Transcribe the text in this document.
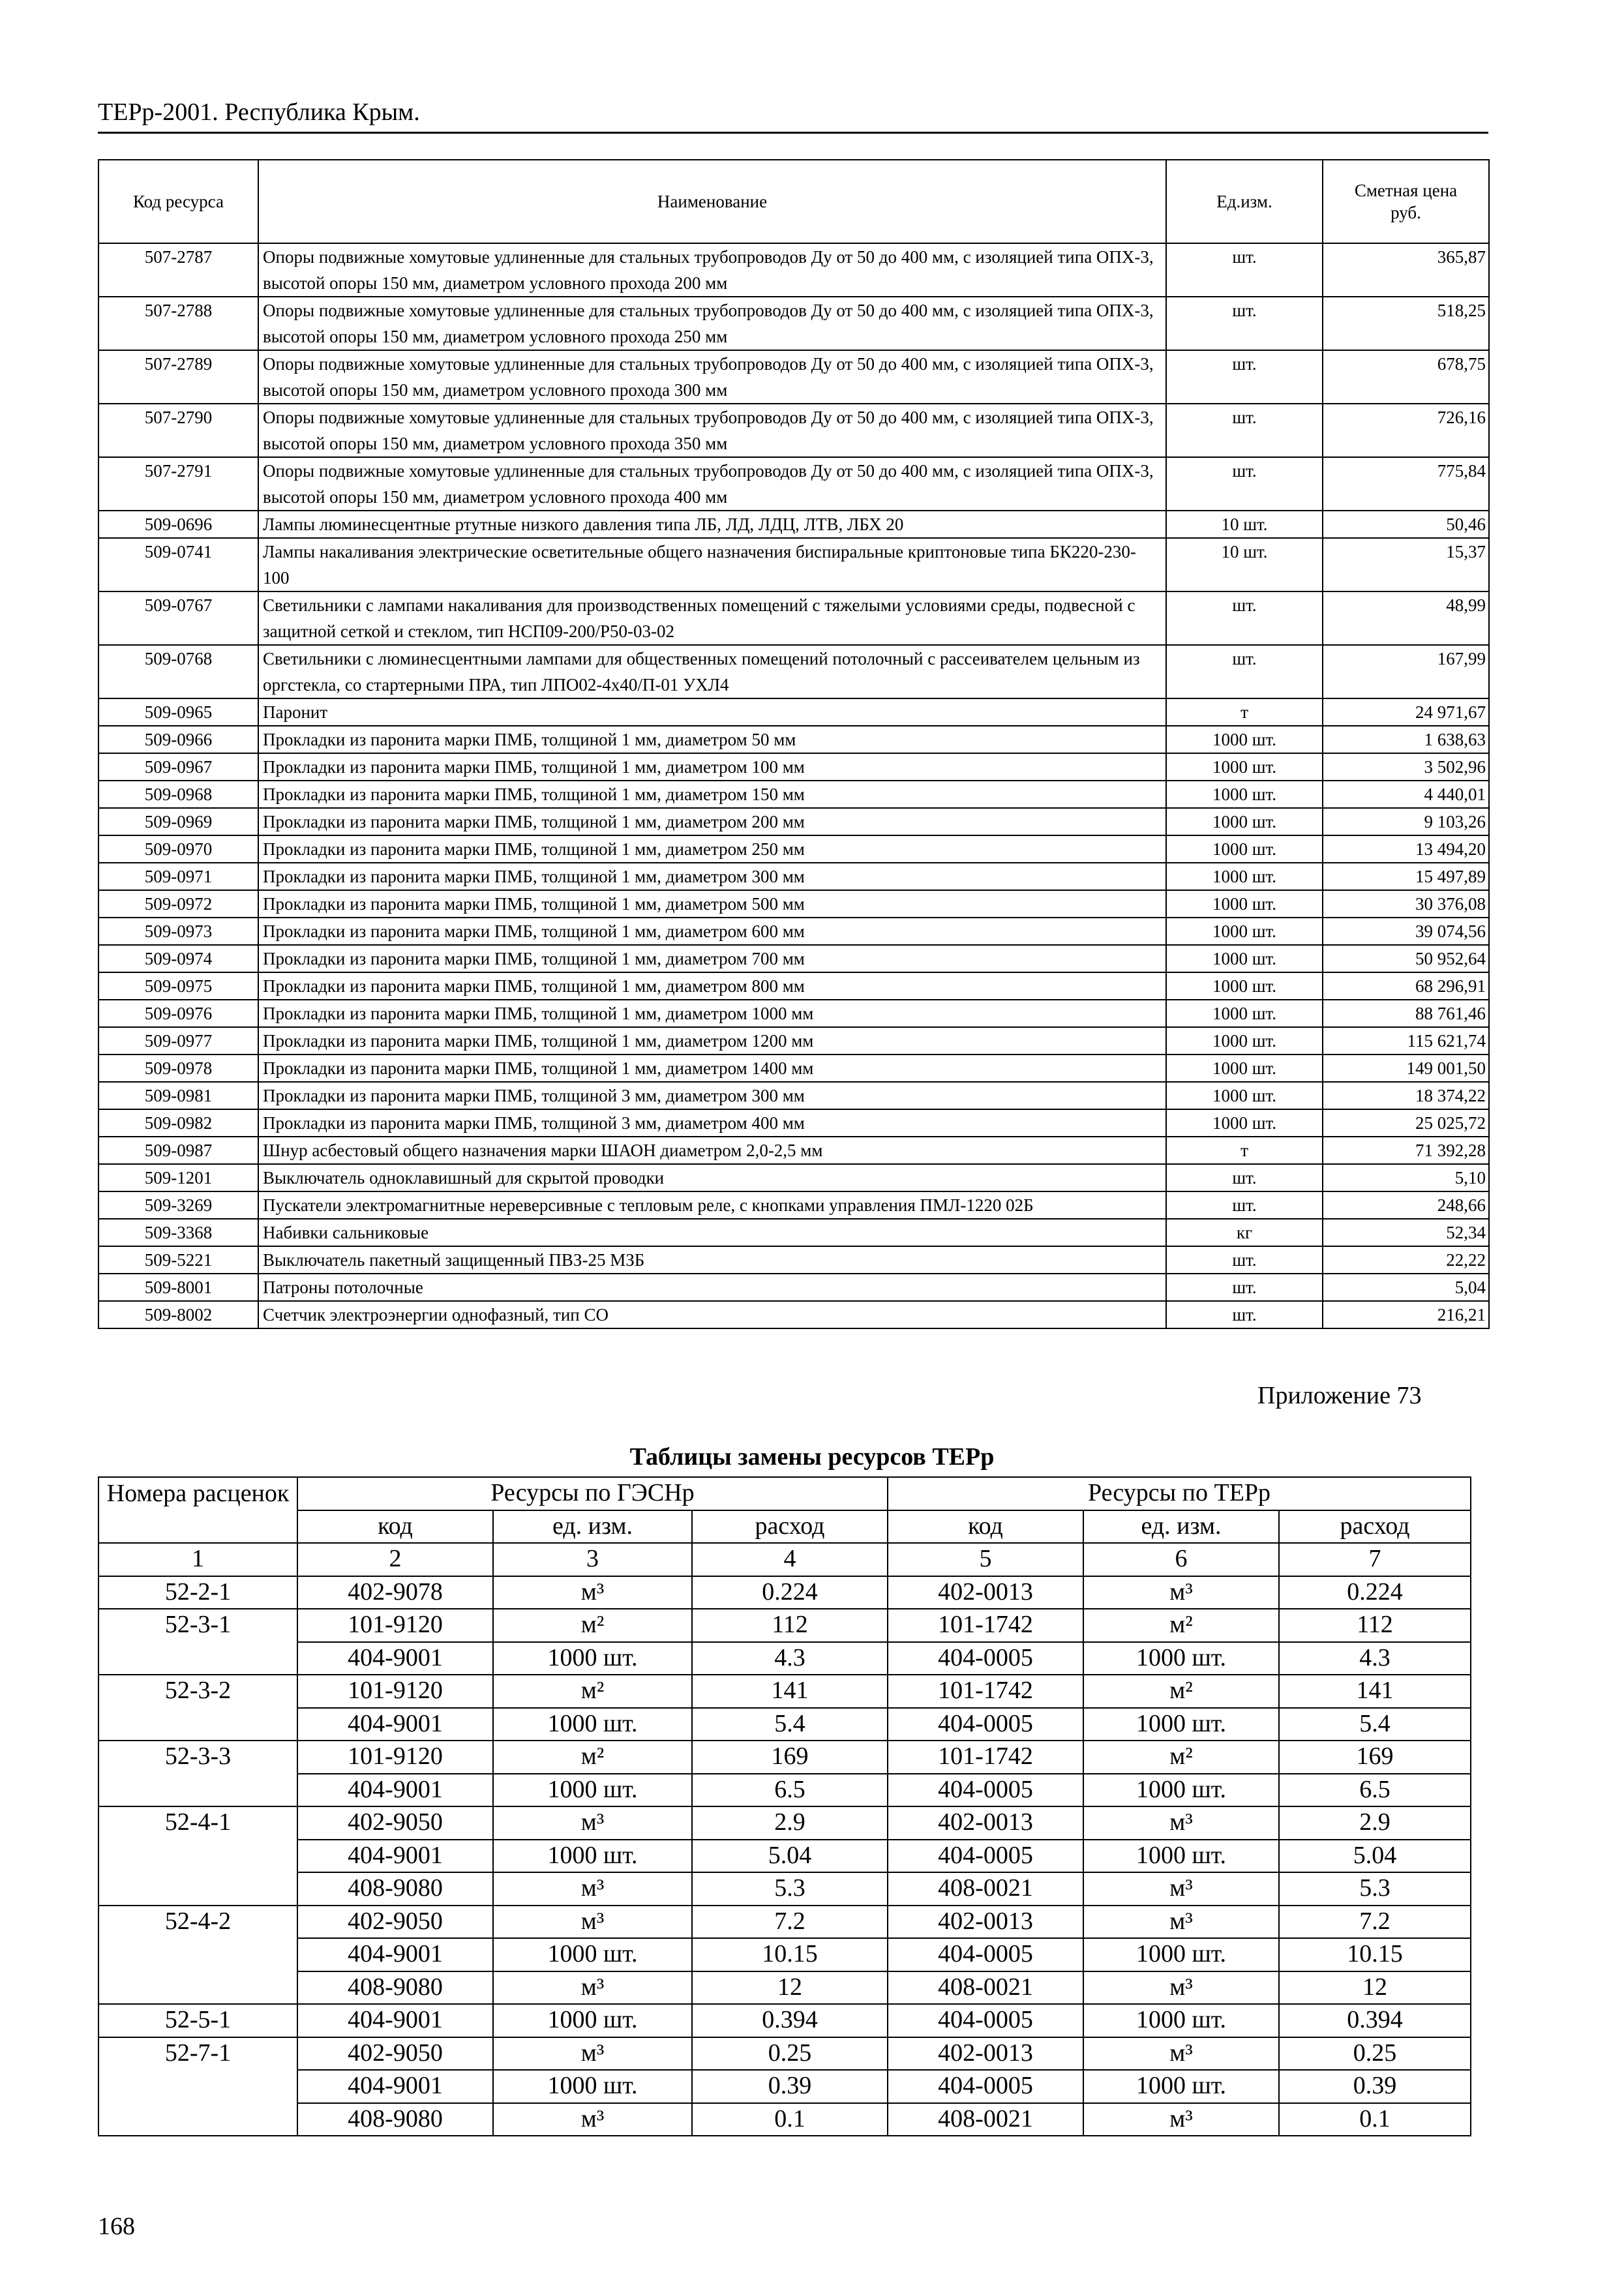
ТЕРр-2001. Республика Крым.
Код ресурса	Наименование	Ед.изм.	Сметная цена руб.
507-2787	Опоры подвижные хомутовые удлиненные для стальных трубопроводов Ду от 50 до 400 мм, с изоляцией типа ОПХ-3, высотой опоры 150 мм, диаметром условного прохода 200 мм	шт.	365,87
507-2788	Опоры подвижные хомутовые удлиненные для стальных трубопроводов Ду от 50 до 400 мм, с изоляцией типа ОПХ-3, высотой опоры 150 мм, диаметром условного прохода 250 мм	шт.	518,25
507-2789	Опоры подвижные хомутовые удлиненные для стальных трубопроводов Ду от 50 до 400 мм, с изоляцией типа ОПХ-3, высотой опоры 150 мм, диаметром условного прохода 300 мм	шт.	678,75
507-2790	Опоры подвижные хомутовые удлиненные для стальных трубопроводов Ду от 50 до 400 мм, с изоляцией типа ОПХ-3, высотой опоры 150 мм, диаметром условного прохода 350 мм	шт.	726,16
507-2791	Опоры подвижные хомутовые удлиненные для стальных трубопроводов Ду от 50 до 400 мм, с изоляцией типа ОПХ-3, высотой опоры 150 мм, диаметром условного прохода 400 мм	шт.	775,84
509-0696	Лампы люминесцентные ртутные низкого давления типа ЛБ, ЛД, ЛДЦ, ЛТВ, ЛБХ 20	10 шт.	50,46
509-0741	Лампы накаливания электрические осветительные общего назначения биспиральные криптоновые типа БК220-230-100	10 шт.	15,37
509-0767	Светильники с лампами накаливания для производственных помещений с тяжелыми условиями среды, подвесной с защитной сеткой и стеклом, тип НСП09-200/Р50-03-02	шт.	48,99
509-0768	Светильники с люминесцентными лампами для общественных помещений потолочный с рассеивателем цельным из оргстекла, со стартерными ПРА, тип ЛПО02-4х40/П-01 УХЛ4	шт.	167,99
509-0965	Паронит	т	24 971,67
509-0966	Прокладки из паронита марки ПМБ, толщиной 1 мм, диаметром 50 мм	1000 шт.	1 638,63
509-0967	Прокладки из паронита марки ПМБ, толщиной 1 мм, диаметром 100 мм	1000 шт.	3 502,96
509-0968	Прокладки из паронита марки ПМБ, толщиной 1 мм, диаметром 150 мм	1000 шт.	4 440,01
509-0969	Прокладки из паронита марки ПМБ, толщиной 1 мм, диаметром 200 мм	1000 шт.	9 103,26
509-0970	Прокладки из паронита марки ПМБ, толщиной 1 мм, диаметром 250 мм	1000 шт.	13 494,20
509-0971	Прокладки из паронита марки ПМБ, толщиной 1 мм, диаметром 300 мм	1000 шт.	15 497,89
509-0972	Прокладки из паронита марки ПМБ, толщиной 1 мм, диаметром 500 мм	1000 шт.	30 376,08
509-0973	Прокладки из паронита марки ПМБ, толщиной 1 мм, диаметром 600 мм	1000 шт.	39 074,56
509-0974	Прокладки из паронита марки ПМБ, толщиной 1 мм, диаметром 700 мм	1000 шт.	50 952,64
509-0975	Прокладки из паронита марки ПМБ, толщиной 1 мм, диаметром 800 мм	1000 шт.	68 296,91
509-0976	Прокладки из паронита марки ПМБ, толщиной 1 мм, диаметром 1000 мм	1000 шт.	88 761,46
509-0977	Прокладки из паронита марки ПМБ, толщиной 1 мм, диаметром 1200 мм	1000 шт.	115 621,74
509-0978	Прокладки из паронита марки ПМБ, толщиной 1 мм, диаметром 1400 мм	1000 шт.	149 001,50
509-0981	Прокладки из паронита марки ПМБ, толщиной 3 мм, диаметром 300 мм	1000 шт.	18 374,22
509-0982	Прокладки из паронита марки ПМБ, толщиной 3 мм, диаметром 400 мм	1000 шт.	25 025,72
509-0987	Шнур асбестовый общего назначения марки ШАОН диаметром 2,0-2,5 мм	т	71 392,28
509-1201	Выключатель одноклавишный для скрытой проводки	шт.	5,10
509-3269	Пускатели электромагнитные нереверсивные с тепловым реле, с кнопками управления ПМЛ-1220 02Б	шт.	248,66
509-3368	Набивки сальниковые	кг	52,34
509-5221	Выключатель пакетный защищенный ПВЗ-25 МЗБ	шт.	22,22
509-8001	Патроны потолочные	шт.	5,04
509-8002	Счетчик электроэнергии однофазный, тип СО	шт.	216,21
Приложение 73
Таблицы замены ресурсов ТЕРр
Номера расценок	Ресурсы по ГЭСНр			Ресурсы по ТЕРр		
	код	ед. изм.	расход	код	ед. изм.	расход
1	2	3	4	5	6	7
52-2-1	402-9078	м³	0.224	402-0013	м³	0.224
52-3-1	101-9120	м²	112	101-1742	м²	112
	404-9001	1000 шт.	4.3	404-0005	1000 шт.	4.3
52-3-2	101-9120	м²	141	101-1742	м²	141
	404-9001	1000 шт.	5.4	404-0005	1000 шт.	5.4
52-3-3	101-9120	м²	169	101-1742	м²	169
	404-9001	1000 шт.	6.5	404-0005	1000 шт.	6.5
52-4-1	402-9050	м³	2.9	402-0013	м³	2.9
	404-9001	1000 шт.	5.04	404-0005	1000 шт.	5.04
	408-9080	м³	5.3	408-0021	м³	5.3
52-4-2	402-9050	м³	7.2	402-0013	м³	7.2
	404-9001	1000 шт.	10.15	404-0005	1000 шт.	10.15
	408-9080	м³	12	408-0021	м³	12
52-5-1	404-9001	1000 шт.	0.394	404-0005	1000 шт.	0.394
52-7-1	402-9050	м³	0.25	402-0013	м³	0.25
	404-9001	1000 шт.	0.39	404-0005	1000 шт.	0.39
	408-9080	м³	0.1	408-0021	м³	0.1
168
